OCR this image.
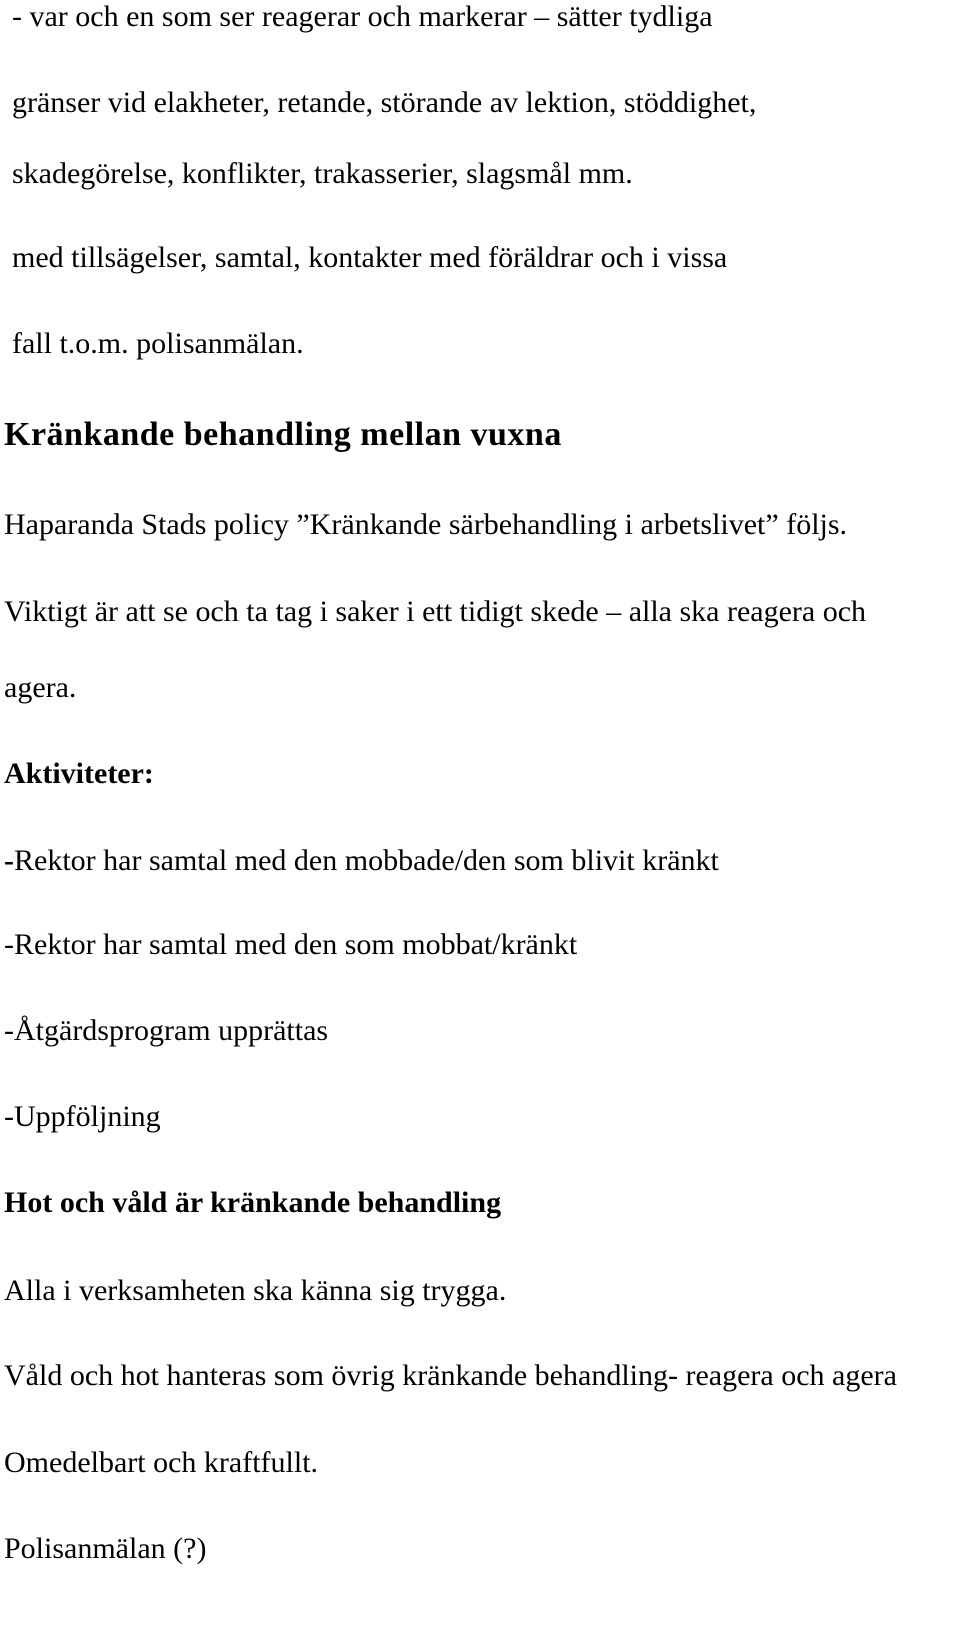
- var och en som ser reagerar och markerar – sätter tydliga

gränser vid elakheter, retande, störande av lektion, stöddighet,

skadegörelse, konflikter, trakasserier, slagsmål mm.

med tillsägelser, samtal, kontakter med föräldrar och i vissa

fall t.o.m. polisanmälan.

Kränkande behandling mellan vuxna

Haparanda Stads policy ”Kränkande särbehandling i arbetslivet” följs.

Viktigt är att se och ta tag i saker i ett tidigt skede – alla ska reagera och

agera.

Aktiviteter:

-Rektor har samtal med den mobbade/den som blivit kränkt

-Rektor har samtal med den som mobbat/kränkt

-Åtgärdsprogram upprättas

-Uppföljning

Hot och våld är kränkande behandling

Alla i verksamheten ska känna sig trygga.

Våld och hot hanteras som övrig kränkande behandling- reagera och agera

Omedelbart och kraftfullt.

Polisanmälan (?)
